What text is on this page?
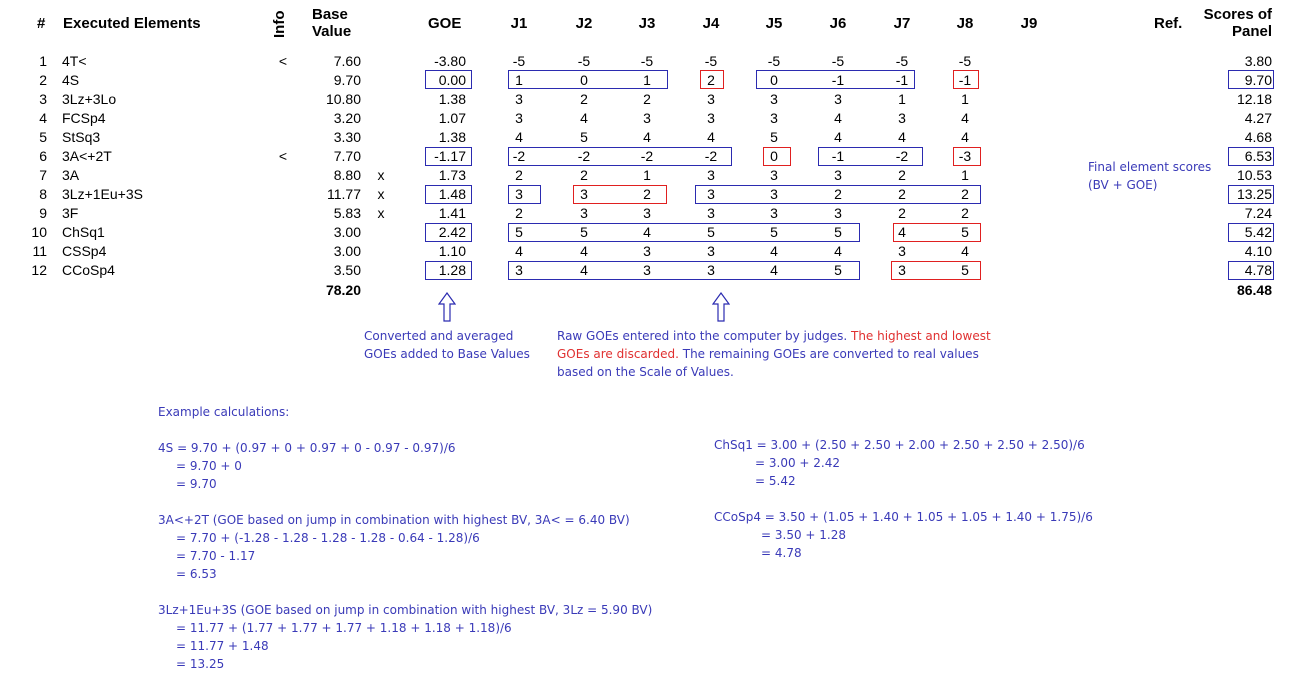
# Executed Elements	Info Base
Value	GOE	J1	J2	J3	J4	J5	J6	J7	J8	J9	Ref.
Scores of
Panel
1 4T<	<	7.60	-3.80	-5	-5	-5	-5	-5	-5	-5	-5	3.80
2 4S	9.70	0.00	1	0	1	2	0	-1	-1	-1	9.70
3 3Lz+3Lo	10.80	1.38	3	2	2	3	3	3	1	1	12.18
4 FCSp4	3.20	1.07	3	4	3	3	3	4	3	4	4.27
5 StSq3	3.30	1.38	4	5	4	4	5	4	4	4	4.68
6 3A<+2T	<	7.70	-1.17	-2	-2	-2	-2	0	-1	-2	-3	6.53
7 3A	8.80 x	1.73	2	2	1	3	3	3	2	1	10.53
8 3Lz+1Eu+3S	11.77 x	1.48	3	3	2	3	3	2	2	2	13.25
9 3F	5.83 x	1.41	2	3	3	3	3	3	2	2	7.24
10 ChSq1	3.00	2.42	5	5	4	5	5	5	4	5	5.42
11 CSSp4	3.00	1.10	4	4	3	3	4	4	3	4	4.10
12 CCoSp4	3.50	1.28	3	4	3	3	4	5	3	5	4.78
78.20	86.48
Converted and averaged
GOEs added to Base Values
Raw GOEs entered into the computer by judges. The highest and lowest
GOEs are discarded. The remaining GOEs are converted to real values
based on the Scale of Values.
Final element scores
(BV + GOE)
Example calculations:
4S = 9.70 + (0.97 + 0 + 0.97 + 0 - 0.97 - 0.97)/6
= 9.70 + 0
= 9.70
3A<+2T (GOE based on jump in combination with highest BV, 3A< = 6.40 BV)
= 7.70 + (-1.28 - 1.28 - 1.28 - 1.28 - 0.64 - 1.28)/6
= 7.70 - 1.17
= 6.53
3Lz+1Eu+3S (GOE based on jump in combination with highest BV, 3Lz = 5.90 BV)
= 11.77 + (1.77 + 1.77 + 1.77 + 1.18 + 1.18 + 1.18)/6
= 11.77 + 1.48
= 13.25
ChSq1 = 3.00 + (2.50 + 2.50 + 2.00 + 2.50 + 2.50 + 2.50)/6
= 3.00 + 2.42
= 5.42
CCoSp4 = 3.50 + (1.05 + 1.40 + 1.05 + 1.05 + 1.40 + 1.75)/6
= 3.50 + 1.28
= 4.78
